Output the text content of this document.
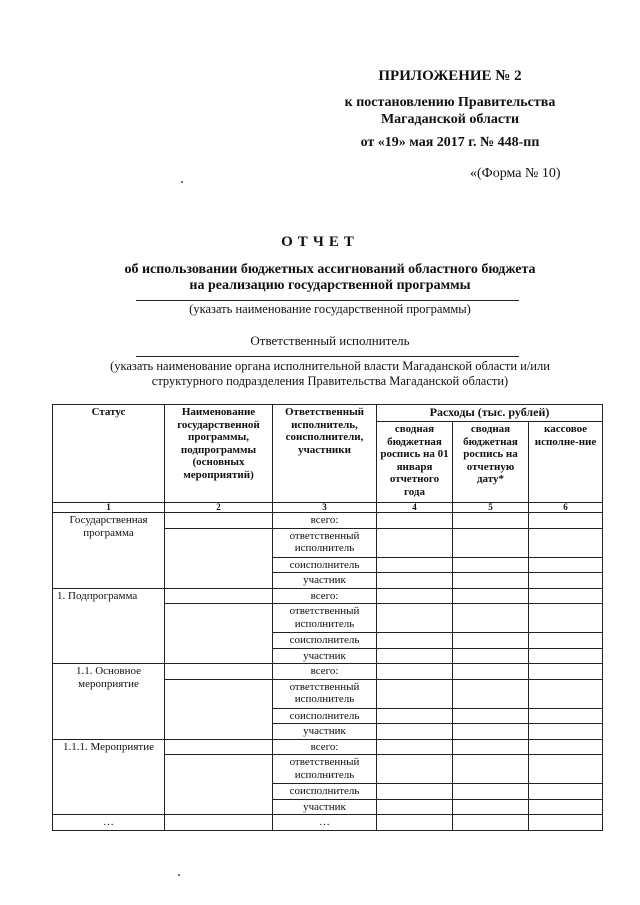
ПРИЛОЖЕНИЕ № 2
к постановлению Правительства
Магаданской области
от «19» мая 2017 г. № 448-пп
«(Форма № 10)
ОТЧЕТ
об использовании бюджетных ассигнований областного бюджета
на реализацию государственной программы
(указать наименование государственной программы)
Ответственный исполнитель
(указать наименование органа исполнительной власти Магаданской области и/или
структурного подразделения Правительства Магаданской области)
Статус	Наименование государственной программы, подпрограммы (основных мероприятий)	Ответственный исполнитель, соисполнители, участники	Расходы (тыс. рублей)		
			сводная бюджетная роспись на 01 января отчетного года	сводная бюджетная роспись на отчетную дату*	кассовое исполне-ние
1	2	3	4	5	6
Государственная программа		всего:			
		ответственный исполнитель			
		соисполнитель			
		участник			
1. Подпрограмма		всего:			
		ответственный исполнитель			
		соисполнитель			
		участник			
1.1. Основное мероприятие		всего:			
		ответственный исполнитель			
		соисполнитель			
		участник			
1.1.1. Мероприятие		всего:			
		ответственный исполнитель			
		соисполнитель			
		участник			
…		…			
